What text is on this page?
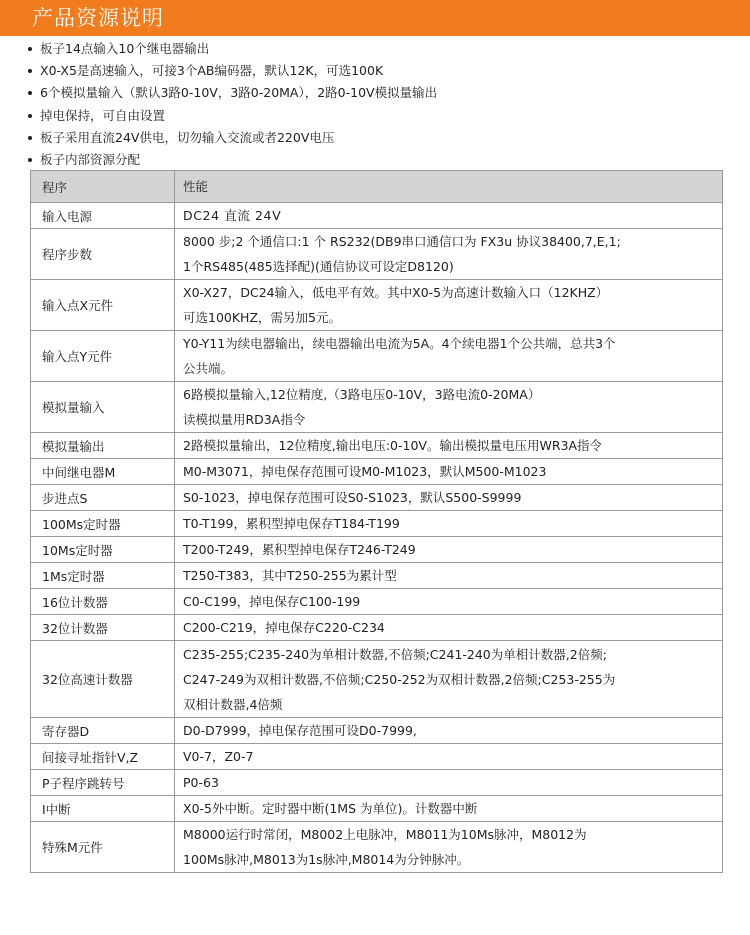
产品资源说明
板子14点输入10个继电器输出
X0-X5是高速输入，可接3个AB编码器，默认12K，可选100K
6个模拟量输入（默认3路0-10V，3路0-20MA），2路0-10V模拟量输出
掉电保持，可自由设置
板子采用直流24V供电，切勿输入交流或者220V电压
板子内部资源分配
程序	性能
输入电源	DC24 直流 24V

程序步数	8000 步;2 个通信口:1 个 RS232(DB9串口通信口为 FX3u 协议38400,7,E,1;
1个RS485(485选择配)(通信协议可设定D8120)

输入点X元件	X0-X27，DC24输入，低电平有效。其中X0-5为高速计数输入口（12KHZ）
可选100KHZ，需另加5元。

输入点Y元件	Y0-Y11为续电器输出，续电器输出电流为5A。4个续电器1个公共端，总共3个
公共端。

模拟量输入	6路模拟量输入,12位精度,（3路电压0-10V，3路电流0-20MA）
读模拟量用RD3A指令

模拟量输出	2路模拟量输出，12位精度,输出电压:0-10V。输出模拟量电压用WR3A指令

中间继电器M	M0-M3071，掉电保存范围可设M0-M1023，默认M500-M1023

步进点S	S0-1023，掉电保存范围可设S0-S1023，默认S500-S9999

100Ms定时器	T0-T199，累积型掉电保存T184-T199

10Ms定时器	T200-T249，累积型掉电保存T246-T249

1Ms定时器	T250-T383，其中T250-255为累计型

16位计数器	C0-C199，掉电保存C100-199

32位计数器	C200-C219，掉电保存C220-C234

32位高速计数器	C235-255;C235-240为单相计数器,不倍频;C241-240为单相计数器,2倍频;
C247-249为双相计数器,不倍频;C250-252为双相计数器,2倍频;C253-255为
双相计数器,4倍频

寄存器D	D0-D7999，掉电保存范围可设D0-7999,

间接寻址指针V,Z	V0-7，Z0-7

P子程序跳转号	P0-63

I中断	X0-5外中断。定时器中断(1MS 为单位)。计数器中断

特殊M元件	M8000运行时常闭，M8002上电脉冲，M8011为10Ms脉冲，M8012为
100Ms脉冲,M8013为1s脉冲,M8014为分钟脉冲。
